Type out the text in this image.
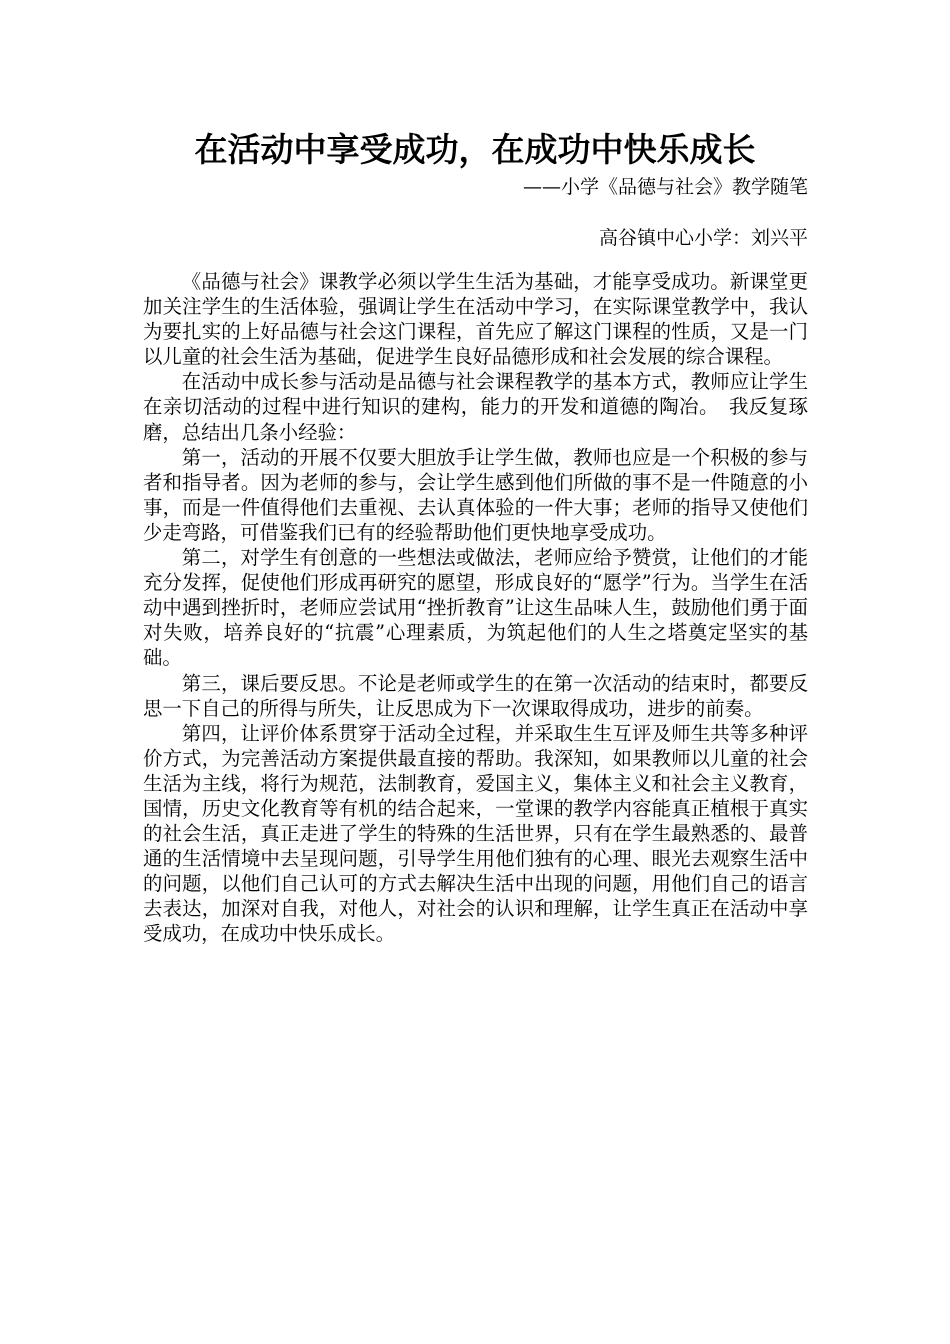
在活动中享受成功，在成功中快乐成长
——小学《品德与社会》教学随笔
高谷镇中心小学：刘兴平

《品德与社会》课教学必须以学生生活为基础，才能享受成功。新课堂更加关注学生的生活体验，强调让学生在活动中学习，在实际课堂教学中，我认为要扎实的上好品德与社会这门课程，首先应了解这门课程的性质，又是一门以儿童的社会生活为基础，促进学生良好品德形成和社会发展的综合课程。

在活动中成长参与活动是品德与社会课程教学的基本方式，教师应让学生在亲切活动的过程中进行知识的建构，能力的开发和道德的陶冶。　我反复琢磨，总结出几条小经验：

第一，活动的开展不仅要大胆放手让学生做，教师也应是一个积极的参与者和指导者。因为老师的参与，会让学生感到他们所做的事不是一件随意的小事，而是一件值得他们去重视、去认真体验的一件大事；老师的指导又使他们少走弯路，可借鉴我们已有的经验帮助他们更快地享受成功。

第二，对学生有创意的一些想法或做法，老师应给予赞赏，让他们的才能充分发挥，促使他们形成再研究的愿望，形成良好的“愿学”行为。当学生在活动中遇到挫折时，老师应尝试用“挫折教育”让这生品味人生，鼓励他们勇于面对失败，培养良好的“抗震”心理素质，为筑起他们的人生之塔奠定坚实的基础。

第三，课后要反思。不论是老师或学生的在第一次活动的结束时，都要反思一下自己的所得与所失，让反思成为下一次课取得成功，进步的前奏。

第四，让评价体系贯穿于活动全过程，并采取生生互评及师生共等多种评价方式，为完善活动方案提供最直接的帮助。我深知，如果教师以儿童的社会生活为主线，将行为规范，法制教育，爱国主义，集体主义和社会主义教育，国情，历史文化教育等有机的结合起来，一堂课的教学内容能真正植根于真实的社会生活，真正走进了学生的特殊的生活世界，只有在学生最熟悉的、最普通的生活情境中去呈现问题，引导学生用他们独有的心理、眼光去观察生活中的问题，以他们自己认可的方式去解决生活中出现的问题，用他们自己的语言去表达，加深对自我，对他人，对社会的认识和理解，让学生真正在活动中享受成功，在成功中快乐成长。
